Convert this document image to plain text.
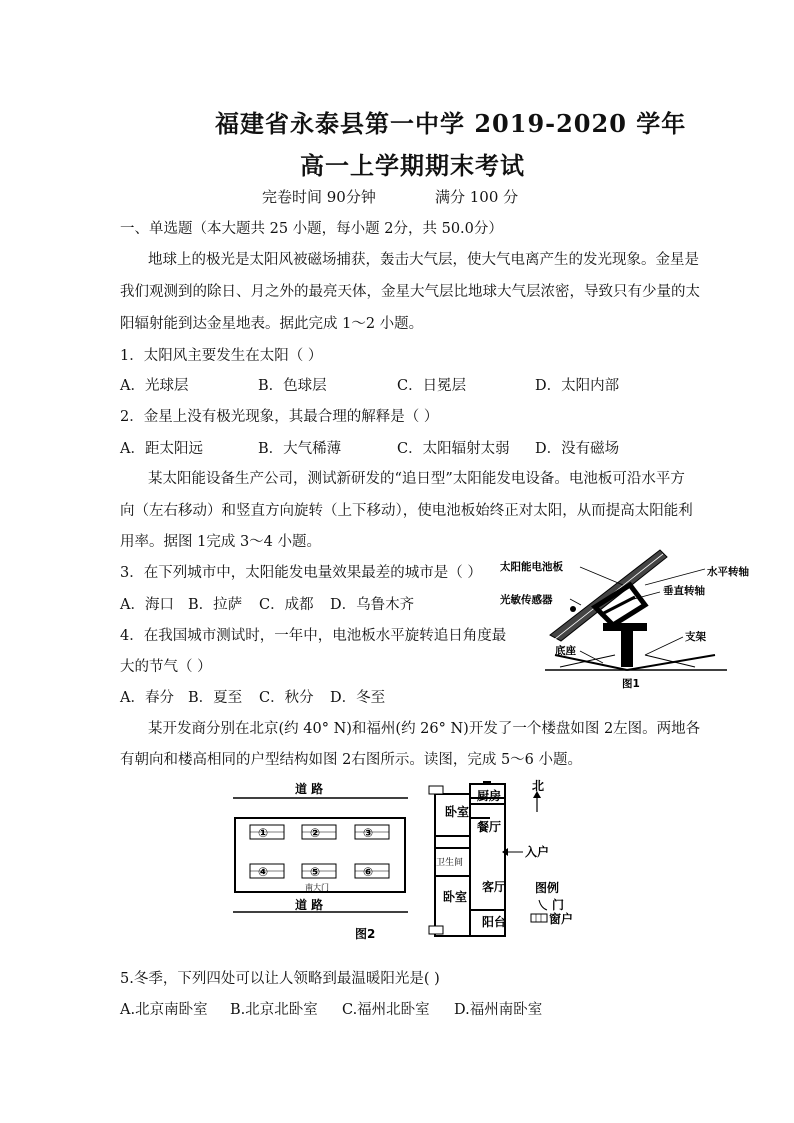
福建省永泰县第一中学 2019-2020 学年
高一上学期期末考试
完卷时间 90分钟	满分 100 分
一、单选题（本大题共 25 小题，每小题 2分，共 50.0分）
地球上的极光是太阳风被磁场捕获，轰击大气层，使大气电离产生的发光现象。金星是
我们观测到的除日、月之外的最亮天体，金星大气层比地球大气层浓密，导致只有少量的太
阳辐射能到达金星地表。据此完成 1～2 小题。
1．太阳风主要发生在太阳（ ）
A．光球层	B．色球层	C．日冕层	D．太阳内部
2．金星上没有极光现象，其最合理的解释是（ ）
A．距太阳远	B．大气稀薄	C．太阳辐射太弱 D．没有磁场
某太阳能设备生产公司，测试新研发的“追日型”太阳能发电设备。电池板可沿水平方
向（左右移动）和竖直方向旋转（上下移动），使电池板始终正对太阳，从而提高太阳能利
用率。据图 1完成 3～4 小题。
3．在下列城市中，太阳能发电量效果最差的城市是（ ）
A．海口 B．拉萨 C．成都 D．乌鲁木齐
4．在我国城市测试时，一年中，电池板水平旋转追日角度最
大的节气（ ）
A．春分 B．夏至 C．秋分 D．冬至
太阳能电池板	水平转轴
垂直转轴
光敏传感器
支架
底座
图1
某开发商分别在北京(约 40° N)和福州(约 26° N)开发了一个楼盘如图 2左图。两地各
有朝向和楼高相同的户型结构如图 2右图所示。读图，完成 5～6 小题。
道 路
道 路
①	②	③
④	⑤	⑥
南大门
卧室
厨房
餐厅
卫生间
卧室
客厅
阳台
入户
北
图例
门
窗户
图2
5.冬季，下列四处可以让人领略到最温暖阳光是( )
A.北京南卧室 B.北京北卧室 C.福州北卧室 D.福州南卧室
